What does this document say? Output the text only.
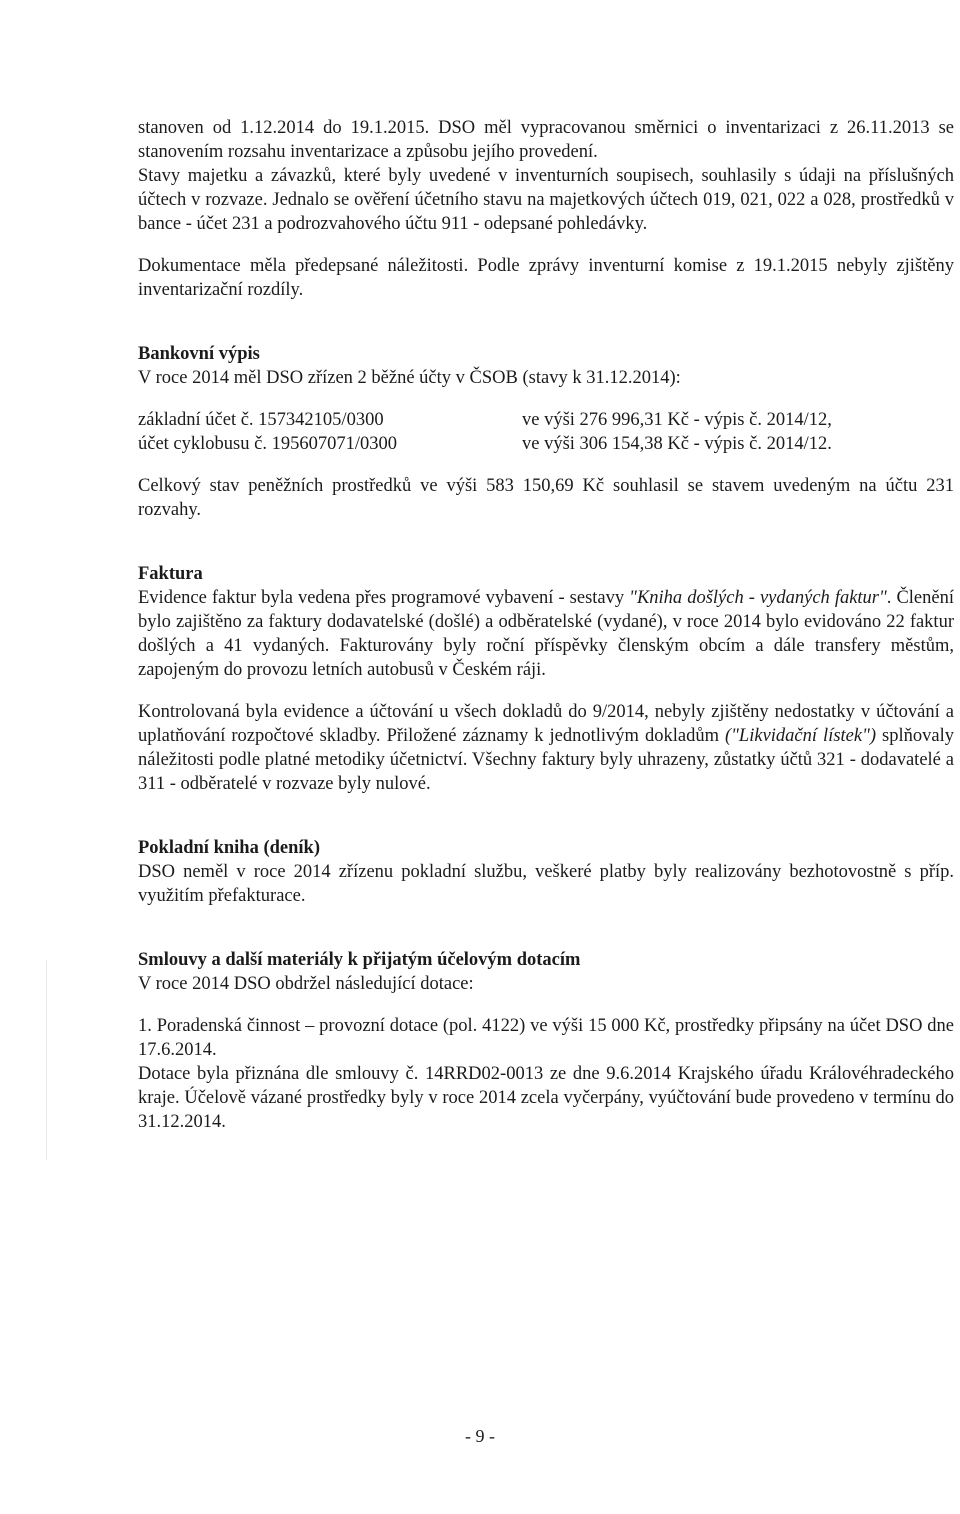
stanoven od 1.12.2014 do 19.1.2015. DSO měl vypracovanou směrnici o inventarizaci z 26.11.2013 se stanovením rozsahu inventarizace a způsobu jejího provedení.

Stavy majetku a závazků, které byly uvedené v inventurních soupisech, souhlasily s údaji na příslušných účtech v rozvaze. Jednalo se ověření účetního stavu na majetkových účtech 019, 021, 022 a 028, prostředků v bance - účet 231 a podrozvahového účtu 911 - odepsané pohledávky.

Dokumentace měla předepsané náležitosti. Podle zprávy inventurní komise z 19.1.2015 nebyly zjištěny inventarizační rozdíly.

Bankovní výpis

V roce 2014 měl DSO zřízen 2 běžné účty v ČSOB (stavy k 31.12.2014):

základní účet č. 157342105/0300	ve výši 276 996,31 Kč - výpis č. 2014/12,
účet cyklobusu č. 195607071/0300	ve výši 306 154,38 Kč - výpis č. 2014/12.

Celkový stav peněžních prostředků ve výši 583 150,69 Kč souhlasil se stavem uvedeným na účtu 231 rozvahy.

Faktura

Evidence faktur byla vedena přes programové vybavení - sestavy "Kniha došlých - vydaných faktur". Členění bylo zajištěno za faktury dodavatelské (došlé) a odběratelské (vydané), v roce 2014 bylo evidováno 22 faktur došlých a 41 vydaných. Fakturovány byly roční příspěvky členským obcím a dále transfery městům, zapojeným do provozu letních autobusů v Českém ráji.

Kontrolovaná byla evidence a účtování u všech dokladů do 9/2014, nebyly zjištěny nedostatky v účtování a uplatňování rozpočtové skladby. Přiložené záznamy k jednotlivým dokladům ("Likvidační lístek") splňovaly náležitosti podle platné metodiky účetnictví. Všechny faktury byly uhrazeny, zůstatky účtů 321 - dodavatelé a 311 - odběratelé v rozvaze byly nulové.

Pokladní kniha (deník)

DSO neměl v roce 2014 zřízenu pokladní službu, veškeré platby byly realizovány bezhotovostně s příp. využitím přefakturace.

Smlouvy a další materiály k přijatým účelovým dotacím

V roce 2014 DSO obdržel následující dotace:

1. Poradenská činnost – provozní dotace (pol. 4122) ve výši 15 000 Kč, prostředky připsány na účet DSO dne 17.6.2014.

Dotace byla přiznána dle smlouvy č. 14RRD02-0013 ze dne 9.6.2014 Krajského úřadu Královéhradeckého kraje. Účelově vázané prostředky byly v roce 2014 zcela vyčerpány, vyúčtování bude provedeno v termínu do 31.12.2014.

- 9 -
